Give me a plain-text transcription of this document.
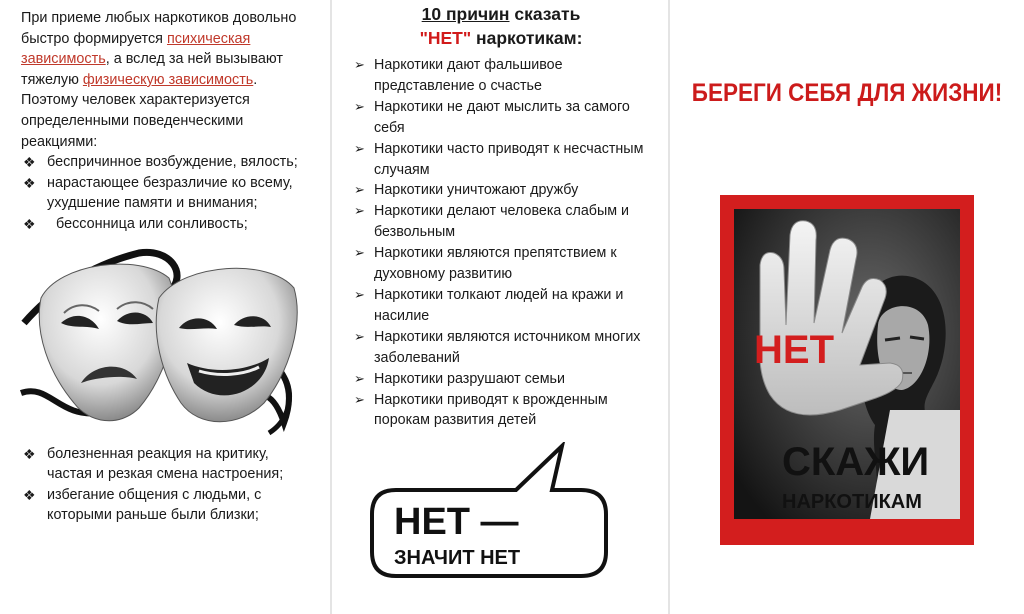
При приеме любых наркотиков довольно быстро формируется психическая зависимость, а вслед за ней вызывают тяжелую физическую зависимость. Поэтому человек характеризуется определенными поведенческими реакциями:

❖ беспричинное возбуждение, вялость;
❖ нарастающее безразличие ко всему, ухудшение памяти и внимания;
❖ бессонница или сонливость;
❖ болезненная реакция на критику, частая и резкая смена настроения;
❖ избегание общения с людьми, с которыми раньше были близки;
10 причин сказать
"НЕТ" наркотикам:
➢ Наркотики дают фальшивое представление о счастье
➢ Наркотики не дают мыслить за самого себя
➢ Наркотики часто приводят к несчастным случаям
➢ Наркотики уничтожают дружбу
➢ Наркотики делают человека слабым и безвольным
➢ Наркотики являются препятствием к духовному развитию
➢ Наркотики толкают людей на кражи и насилие
➢ Наркотики являются источником многих заболеваний
➢ Наркотики разрушают семьи
➢ Наркотики приводят к врожденным порокам развития детей
НЕТ —
ЗНАЧИТ НЕТ
БЕРЕГИ СЕБЯ ДЛЯ ЖИЗНИ!
НЕТ
СКАЖИ
НАРКОТИКАМ
